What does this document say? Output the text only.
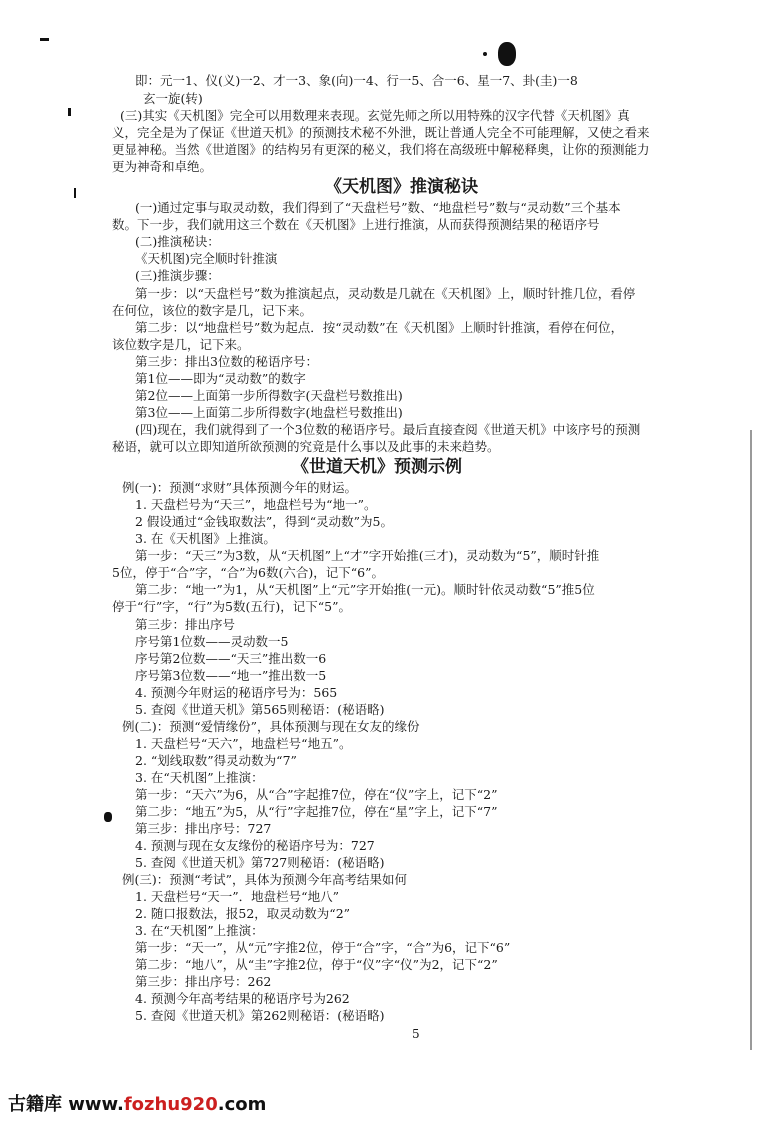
即：元一1、仪(义)一2、才一3、象(向)一4、行一5、合一6、星一7、卦(圭)一8
玄一旋(转)
(三)其实《天机图》完全可以用数理来表现。玄觉先师之所以用特殊的汉字代替《天机图》真
义，完全是为了保证《世道天机》的预测技术秘不外泄，既让普通人完全不可能理解，又使之看来
更显神秘。当然《世道图》的结构另有更深的秘义，我们将在高级班中解秘释奥，让你的预测能力
更为神奇和卓绝。
《天机图》推演秘诀
(一)通过定事与取灵动数，我们得到了“天盘栏号”数、“地盘栏号”数与“灵动数”三个基本
数。下一步，我们就用这三个数在《天机图》上进行推演，从而获得预测结果的秘语序号
(二)推演秘诀：
《天机图)完全顺时针推演
(三)推演步骤：
第一步：以“天盘栏号”数为推演起点，灵动数是几就在《天机图》上，顺时针推几位，看停
在何位，该位的数字是几，记下来。
第二步：以“地盘栏号”数为起点．按“灵动数”在《天机图》上顺时针推演，看停在何位，
该位数字是几，记下来。
第三步：排出3位数的秘语序号：
第1位——即为“灵动数”的数字
第2位——上面第一步所得数字(天盘栏号数推出)
第3位——上面第二步所得数字(地盘栏号数推出)
(四)现在，我们就得到了一个3位数的秘语序号。最后直接查阅《世道天机》中该序号的预测
秘语，就可以立即知道所欲预测的究竟是什么事以及此事的未来趋势。
《世道天机》预测示例
例(一)：预测“求财”具体预测今年的财运。
1. 天盘栏号为“天三”，地盘栏号为“地一”。
2 假设通过“金钱取数法”，得到“灵动数”为5。
3. 在《天机图》上推演。
第一步：“天三”为3数，从“天机图”上“才”字开始推(三才)，灵动数为“5”，顺时针推
5位，停于“合”字，“合”为6数(六合)，记下“6”。
第二步：“地一”为1，从“天机图”上“元”字开始推(一元)。顺时针依灵动数“5”推5位
停于“行”字，“行”为5数(五行)，记下“5”。
第三步：排出序号
序号第1位数——灵动数一5
序号第2位数——“天三”推出数一6
序号第3位数——“地一”推出数一5
4. 预测今年财运的秘语序号为：565
5. 查阅《世道天机》第565则秘语：(秘语略)
例(二)：预测“爱情缘份”，具体预测与现在女友的缘份
1. 天盘栏号“天六”，地盘栏号“地五”。
2. “划线取数”得灵动数为“7”
3. 在“天机图”上推演：
第一步：“天六”为6，从“合”字起推7位，停在“仪”字上，记下“2”
第二步：“地五”为5，从“行”字起推7位，停在“星”字上，记下“7”
第三步：排出序号：727
4. 预测与现在女友缘份的秘语序号为：727
5. 查阅《世道天机》第727则秘语：(秘语略)
例(三)：预测“考试”，具体为预测今年高考结果如何
1. 天盘栏号“天一”．地盘栏号“地八”
2. 随口报数法，报52，取灵动数为“2”
3. 在“天机图”上推演：
第一步：“天一”，从“元”字推2位，停于“合”字，“合”为6，记下“6”
第二步：“地八”，从“圭”字推2位，停于“仪”字“仪”为2，记下“2”
第三步：排出序号：262
4. 预测今年高考结果的秘语序号为262
5. 查阅《世道天机》第262则秘语：(秘语略)
5
古籍库 www.fozhu920.com
